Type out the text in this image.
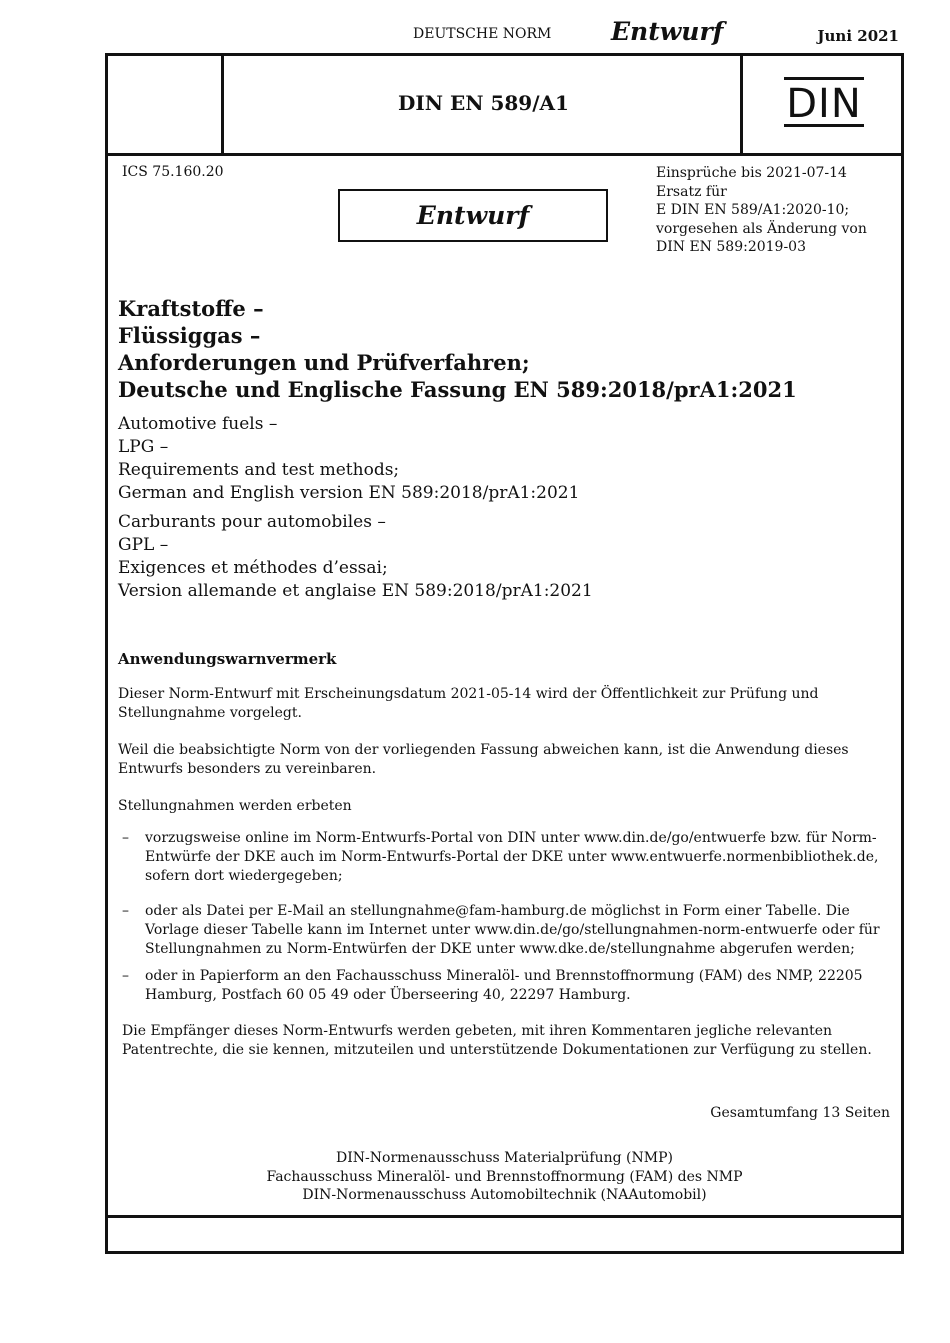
DEUTSCHE NORM Entwurf	Juni 2021
DIN EN 589/A1	DIN
ICS 75.160.20
Entwurf
Einsprüche bis 2021-07-14
Ersatz für
E DIN EN 589/A1:2020-10;
vorgesehen als Änderung von
DIN EN 589:2019-03
Kraftstoffe –
Flüssiggas –
Anforderungen und Prüfverfahren;
Deutsche und Englische Fassung EN 589:2018/prA1:2021
Automotive fuels –
LPG –
Requirements and test methods;
German and English version EN 589:2018/prA1:2021
Carburants pour automobiles –
GPL –
Exigences et méthodes d’essai;
Version allemande et anglaise EN 589:2018/prA1:2021
Anwendungswarnvermerk
Dieser Norm-Entwurf mit Erscheinungsdatum 2021-05-14 wird der Öffentlichkeit zur Prüfung und Stellungnahme vorgelegt.
Weil die beabsichtigte Norm von der vorliegenden Fassung abweichen kann, ist die Anwendung dieses Entwurfs besonders zu vereinbaren.
Stellungnahmen werden erbeten
– vorzugsweise online im Norm-Entwurfs-Portal von DIN unter www.din.de/go/entwuerfe bzw. für Norm-Entwürfe der DKE auch im Norm-Entwurfs-Portal der DKE unter www.entwuerfe.normenbibliothek.de, sofern dort wiedergegeben;
– oder als Datei per E-Mail an stellungnahme@fam-hamburg.de möglichst in Form einer Tabelle. Die Vorlage dieser Tabelle kann im Internet unter www.din.de/go/stellungnahmen-norm-entwuerfe oder für Stellungnahmen zu Norm-Entwürfen der DKE unter www.dke.de/stellungnahme abgerufen werden;
– oder in Papierform an den Fachausschuss Mineralöl- und Brennstoffnormung (FAM) des NMP, 22205 Hamburg, Postfach 60 05 49 oder Überseering 40, 22297 Hamburg.
Die Empfänger dieses Norm-Entwurfs werden gebeten, mit ihren Kommentaren jegliche relevanten Patentrechte, die sie kennen, mitzuteilen und unterstützende Dokumentationen zur Verfügung zu stellen.
Gesamtumfang 13 Seiten
DIN-Normenausschuss Materialprüfung (NMP)
Fachausschuss Mineralöl- und Brennstoffnormung (FAM) des NMP
DIN-Normenausschuss Automobiltechnik (NAAutomobil)
